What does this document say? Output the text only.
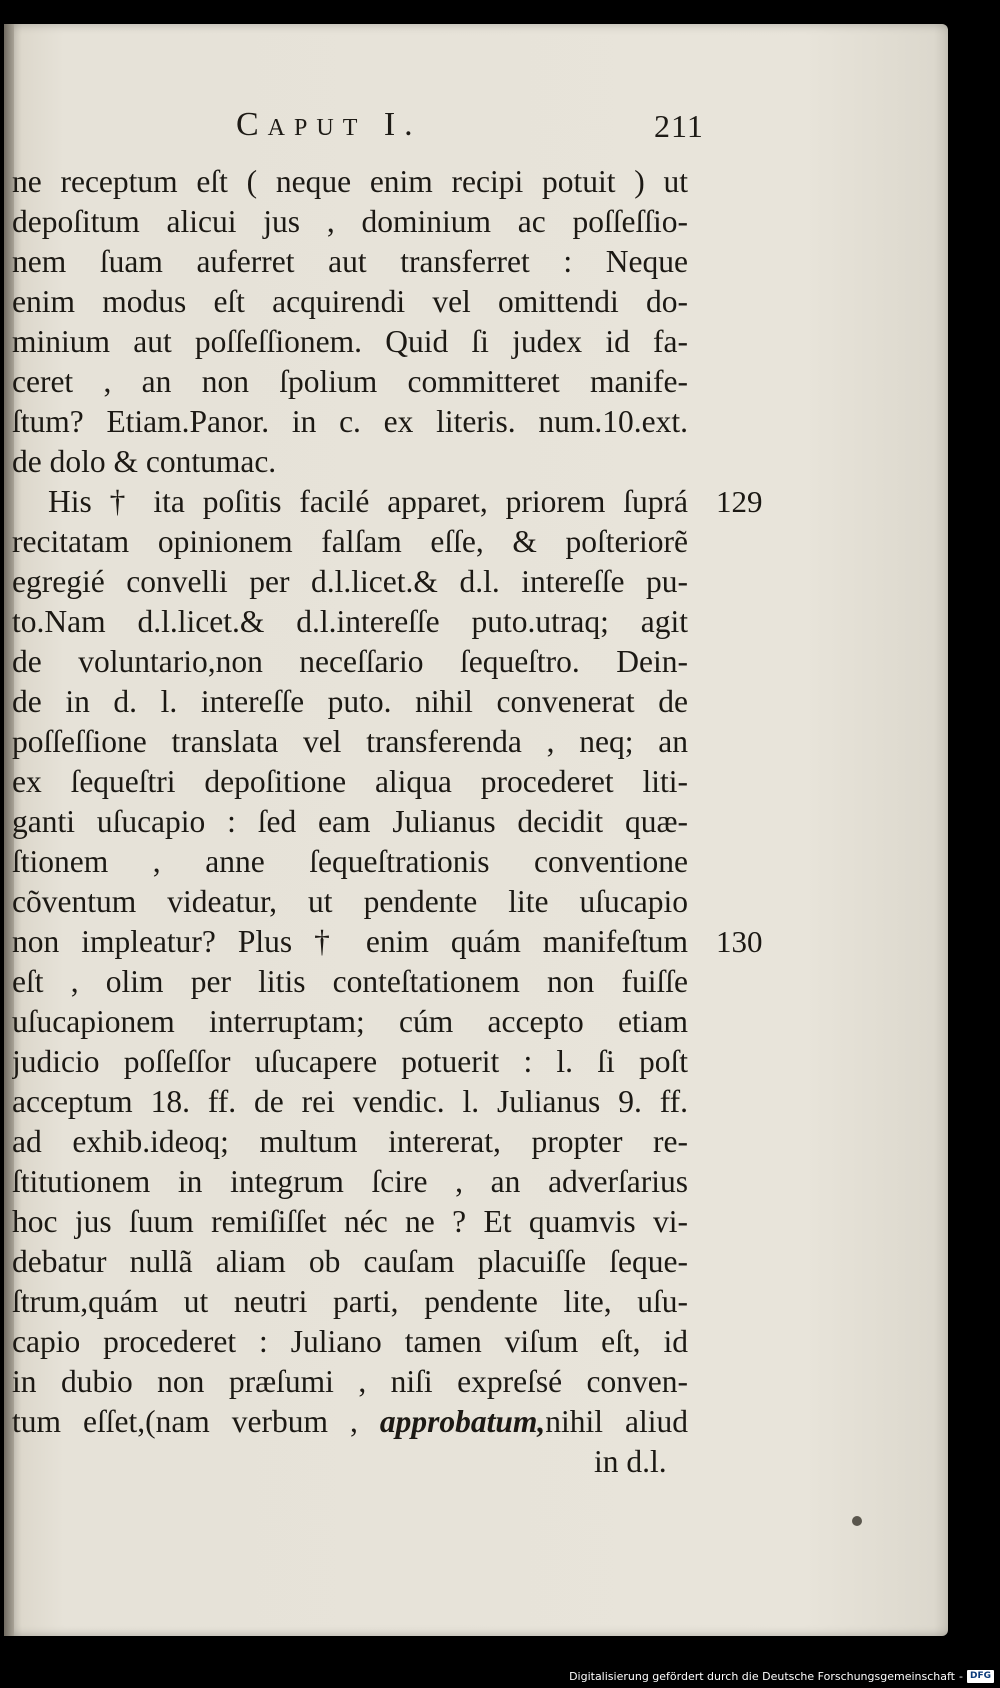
Caput I.	211
ne receptum eſt ( neque enim recipi potuit ) ut
depoſitum alicui jus , dominium ac poſſeſſio-
nem ſuam auferret aut transferret : Neque
enim modus eſt acquirendi vel omittendi do-
minium aut poſſeſſionem. Quid ſi judex id fa-
ceret , an non ſpolium committeret manife-
ſtum? Etiam.Panor. in c. ex literis. num.10.ext.
de dolo & contumac.
His † ita poſitis facilé apparet, priorem ſuprá 129
recitatam opinionem falſam eſſe, & poſteriorẽ
egregié convelli per d.l.licet.& d.l. intereſſe pu-
to.Nam d.l.licet.& d.l.intereſſe puto.utraq; agit
de voluntario,non neceſſario ſequeſtro. Dein-
de in d. l. intereſſe puto. nihil convenerat de
poſſeſſione translata vel transferenda , neq; an
ex ſequeſtri depoſitione aliqua procederet liti-
ganti uſucapio : ſed eam Julianus decidit quæ-
ſtionem , anne ſequeſtrationis conventione
cõventum videatur, ut pendente lite uſucapio
non impleatur? Plus † enim quám manifeſtum 130
eſt , olim per litis conteſtationem non fuiſſe
uſucapionem interruptam; cúm accepto etiam
judicio poſſeſſor uſucapere potuerit : l. ſi poſt
acceptum 18. ff. de rei vendic. l. Julianus 9. ff.
ad exhib.ideoq; multum intererat, propter re-
ſtitutionem in integrum ſcire , an adverſarius
hoc jus ſuum remiſiſſet néc ne ? Et quamvis vi-
debatur nullã aliam ob cauſam placuiſſe ſeque-
ſtrum,quám ut neutri parti, pendente lite, uſu-
capio procederet : Juliano tamen viſum eſt, id
in dubio non præſumi , niſi expreſsé conven-
tum eſſet,(nam verbum , approbatum,nihil aliud
in d.l.
Digitalisierung gefördert durch die Deutsche Forschungsgemeinschaft - DFG
